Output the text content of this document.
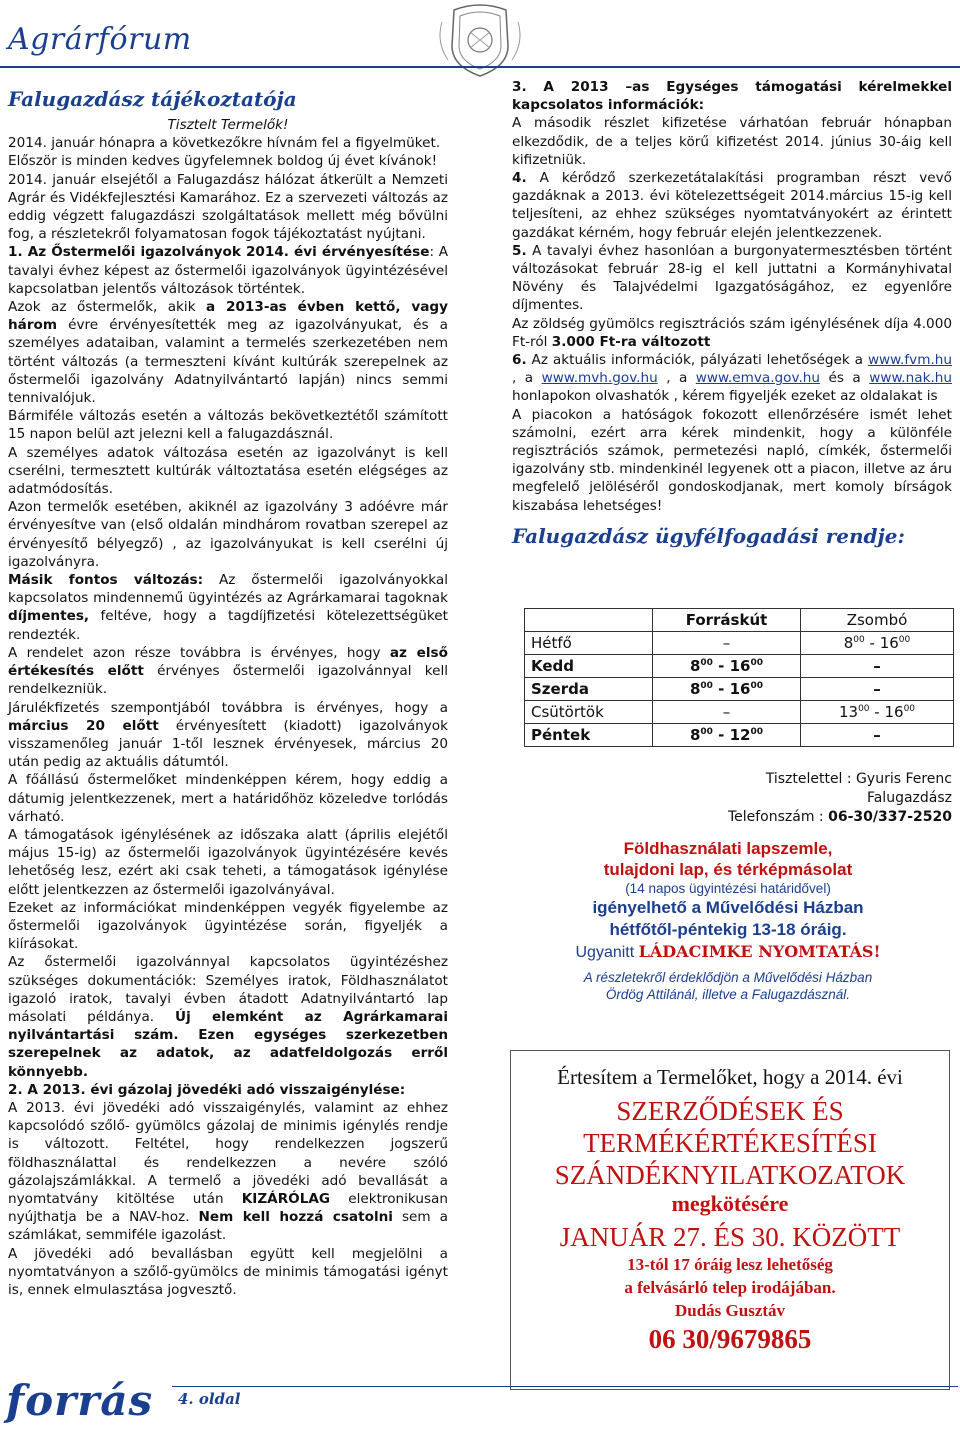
Agrárfórum
Falugazdász tájékoztatója

Tisztelt Termelők!

2014. január hónapra a következőkre hívnám fel a figyelmüket.

Először is minden kedves ügyfelemnek boldog új évet kívánok!

2014. január elsejétől a Falugazdász hálózat átkerült a Nemzeti Agrár és Vidékfejlesztési Kamarához. Ez a szervezeti változás az eddig végzett falugazdászi szolgáltatások mellett még bővülni fog, a részletekről folyamatosan fogok tájékoztatást nyújtani.

1. Az Őstermelői igazolványok 2014. évi érvényesítése: A tavalyi évhez képest az őstermelői igazolványok ügyintézésével kapcsolatban jelentős változások történtek.

Azok az őstermelők, akik a 2013-as évben kettő, vagy három évre érvényesítették meg az igazolványukat, és a személyes adataiban, valamint a termelés szerkezetében nem történt változás (a termeszteni kívánt kultúrák szerepelnek az őstermelői igazolvány Adatnyilvántartó lapján) nincs semmi tennivalójuk.

Bármiféle változás esetén a változás bekövetkeztétől számított 15 napon belül azt jelezni kell a falugazdásznál.

A személyes adatok változása esetén az igazolványt is kell cserélni, termesztett kultúrák változtatása esetén elégséges az adatmódosítás.

Azon termelők esetében, akiknél az igazolvány 3 adóévre már érvényesítve van (első oldalán mindhárom rovatban szerepel az érvényesítő bélyegző) , az igazolványukat is kell cserélni új igazolványra.

Másik fontos változás: Az őstermelői igazolványokkal kapcsolatos mindennemű ügyintézés az Agrárkamarai tagoknak díjmentes, feltéve, hogy a tagdíjfizetési kötelezettségüket rendezték.

A rendelet azon része továbbra is érvényes, hogy az első értékesítés előtt érvényes őstermelői igazolvánnyal kell rendelkezniük.

Járulékfizetés szempontjából továbbra is érvényes, hogy a március 20 előtt érvényesített (kiadott) igazolványok visszamenőleg január 1-től lesznek érvényesek, március 20 után pedig az aktuális dátumtól.

A főállású őstermelőket mindenképpen kérem, hogy eddig a dátumig jelentkezzenek, mert a határidőhöz közeledve torlódás várható.

A támogatások igénylésének az időszaka alatt (április elejétől május 15-ig) az őstermelői igazolványok ügyintézésére kevés lehetőség lesz, ezért aki csak teheti, a támogatások igénylése előtt jelentkezzen az őstermelői igazolványával.

Ezeket az információkat mindenképpen vegyék figyelembe az őstermelői igazolványok ügyintézése során, figyeljék a kiírásokat.

Az őstermelői igazolvánnyal kapcsolatos ügyintézéshez szükséges dokumentációk: Személyes iratok, Földhasználatot igazoló iratok, tavalyi évben átadott Adatnyilvántartó lap másolati példánya. Új elemként az Agrárkamarai nyilvántartási szám. Ezen egységes szerkezetben szerepelnek az adatok, az adatfeldolgozás erről könnyebb.

2. A 2013. évi gázolaj jövedéki adó visszaigénylése:

A 2013. évi jövedéki adó visszaigénylés, valamint az ehhez kapcsolódó szőlő- gyümölcs gázolaj de minimis igénylés rendje is változott. Feltétel, hogy rendelkezzen jogszerű földhasználattal és rendelkezzen a nevére szóló gázolajszámlákkal. A termelő a jövedéki adó bevallását a nyomtatvány kitöltése után KIZÁRÓLAG elektronikusan nyújthatja be a NAV-hoz. Nem kell hozzá csatolni sem a számlákat, semmiféle igazolást.

A jövedéki adó bevallásban együtt kell megjelölni a nyomtatványon a szőlő-gyümölcs de minimis támogatási igényt is, ennek elmulasztása jogvesztő.

3. A 2013 –as Egységes támogatási kérelmekkel kapcsolatos információk:

A második részlet kifizetése várhatóan február hónapban elkezdődik, de a teljes körű kifizetést 2014. június 30-áig kell kifizetniük.

4. A kérődző szerkezetátalakítási programban részt vevő gazdáknak a 2013. évi kötelezettségeit 2014.március 15-ig kell teljesíteni, az ehhez szükséges nyomtatványokért az érintett gazdákat kérném, hogy február elején jelentkezzenek.

5. A tavalyi évhez hasonlóan a burgonyatermesztésben történt változásokat február 28-ig el kell juttatni a Kormányhivatal Növény és Talajvédelmi Igazgatóságához, ez egyenlőre díjmentes.

Az zöldség gyümölcs regisztrációs szám igénylésének díja 4.000 Ft-ról 3.000 Ft-ra változott

6. Az aktuális információk, pályázati lehetőségek a www.fvm.hu , a www.mvh.gov.hu , a www.emva.gov.hu és a www.nak.hu honlapokon olvashatók , kérem figyeljék ezeket az oldalakat is

A piacokon a hatóságok fokozott ellenőrzésére ismét lehet számolni, ezért arra kérek mindenkit, hogy a különféle regisztrációs számok, permetezési napló, címkék, őstermelői igazolvány stb. mindenkinél legyenek ott a piacon, illetve az áru megfelelő jelöléséről gondoskodjanak, mert komoly bírságok kiszabása lehetséges!

Falugazdász ügyfélfogadási rendje:
	Forráskút	Zsombó
Hétfő	–	$8^{00} - 16^{00}$
Kedd	$8^{00} - 16^{00}$	–
Szerda	$8^{00} - 16^{00}$	–
Csütörtök	–	$13^{00} - 16^{00}$
Péntek	$8^{00} - 12^{00}$	–
Tisztelettel : Gyuris Ferenc
Falugazdász
Telefonszám : 06-30/337-2520
Földhasználati lapszemle,
tulajdoni lap, és térképmásolat
(14 napos ügyintézési határidővel)
igényelhető a Művelődési Házban
hétfőtől-péntekig 13-18 óráig.
Ugyanitt LÁDACIMKE NYOMTATÁS!
A részletekről érdeklődjön a Művelődési Házban
Ördög Attilánál, illetve a Falugazdásznál.
Értesítem a Termelőket, hogy a 2014. évi
SZERZŐDÉSEK ÉS
TERMÉKÉRTÉKESÍTÉSI
SZÁNDÉKNYILATKOZATOK
megkötésére
JANUÁR 27. ÉS 30. KÖZÖTT
13-tól 17 óráig lesz lehetőség
a felvásárló telep irodájában.
Dudás Gusztáv
06 30/9679865
forrás 4. oldal
